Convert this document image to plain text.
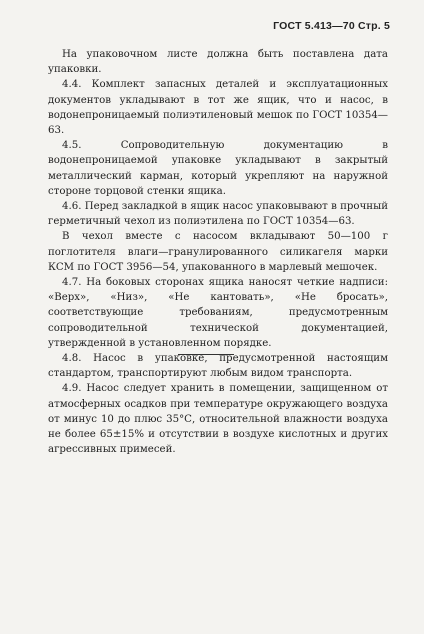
ГОСТ 5.413—70 Стр. 5

На упаковочном листе должна быть поставлена дата упаковки.

4.4. Комплект запасных деталей и эксплуатационных документов укладывают в тот же ящик, что и насос, в водонепроницаемый полиэтиленовый мешок по ГОСТ 10354—63.

4.5. Сопроводительную документацию в водонепроницаемой упаковке укладывают в закрытый металлический карман, который укрепляют на наружной стороне торцовой стенки ящика.

4.6. Перед закладкой в ящик насос упаковывают в прочный герметичный чехол из полиэтилена по ГОСТ 10354—63.

В чехол вместе с насосом вкладывают 50—100 г поглотителя влаги—гранулированного силикагеля марки КСМ по ГОСТ 3956—54, упакованного в марлевый мешочек.

4.7. На боковых сторонах ящика наносят четкие надписи: «Верх», «Низ», «Не кантовать», «Не бросать», соответствующие требованиям, предусмотренным сопроводительной технической документацией, утвержденной в установленном порядке.

4.8. Насос в упаковке, предусмотренной настоящим стандартом, транспортируют любым видом транспорта.

4.9. Насос следует хранить в помещении, защищенном от атмосферных осадков при температуре окружающего воздуха от минус 10 до плюс 35°С, относительной влажности воздуха не более 65±15% и отсутствии в воздухе кислотных и других агрессивных примесей.
